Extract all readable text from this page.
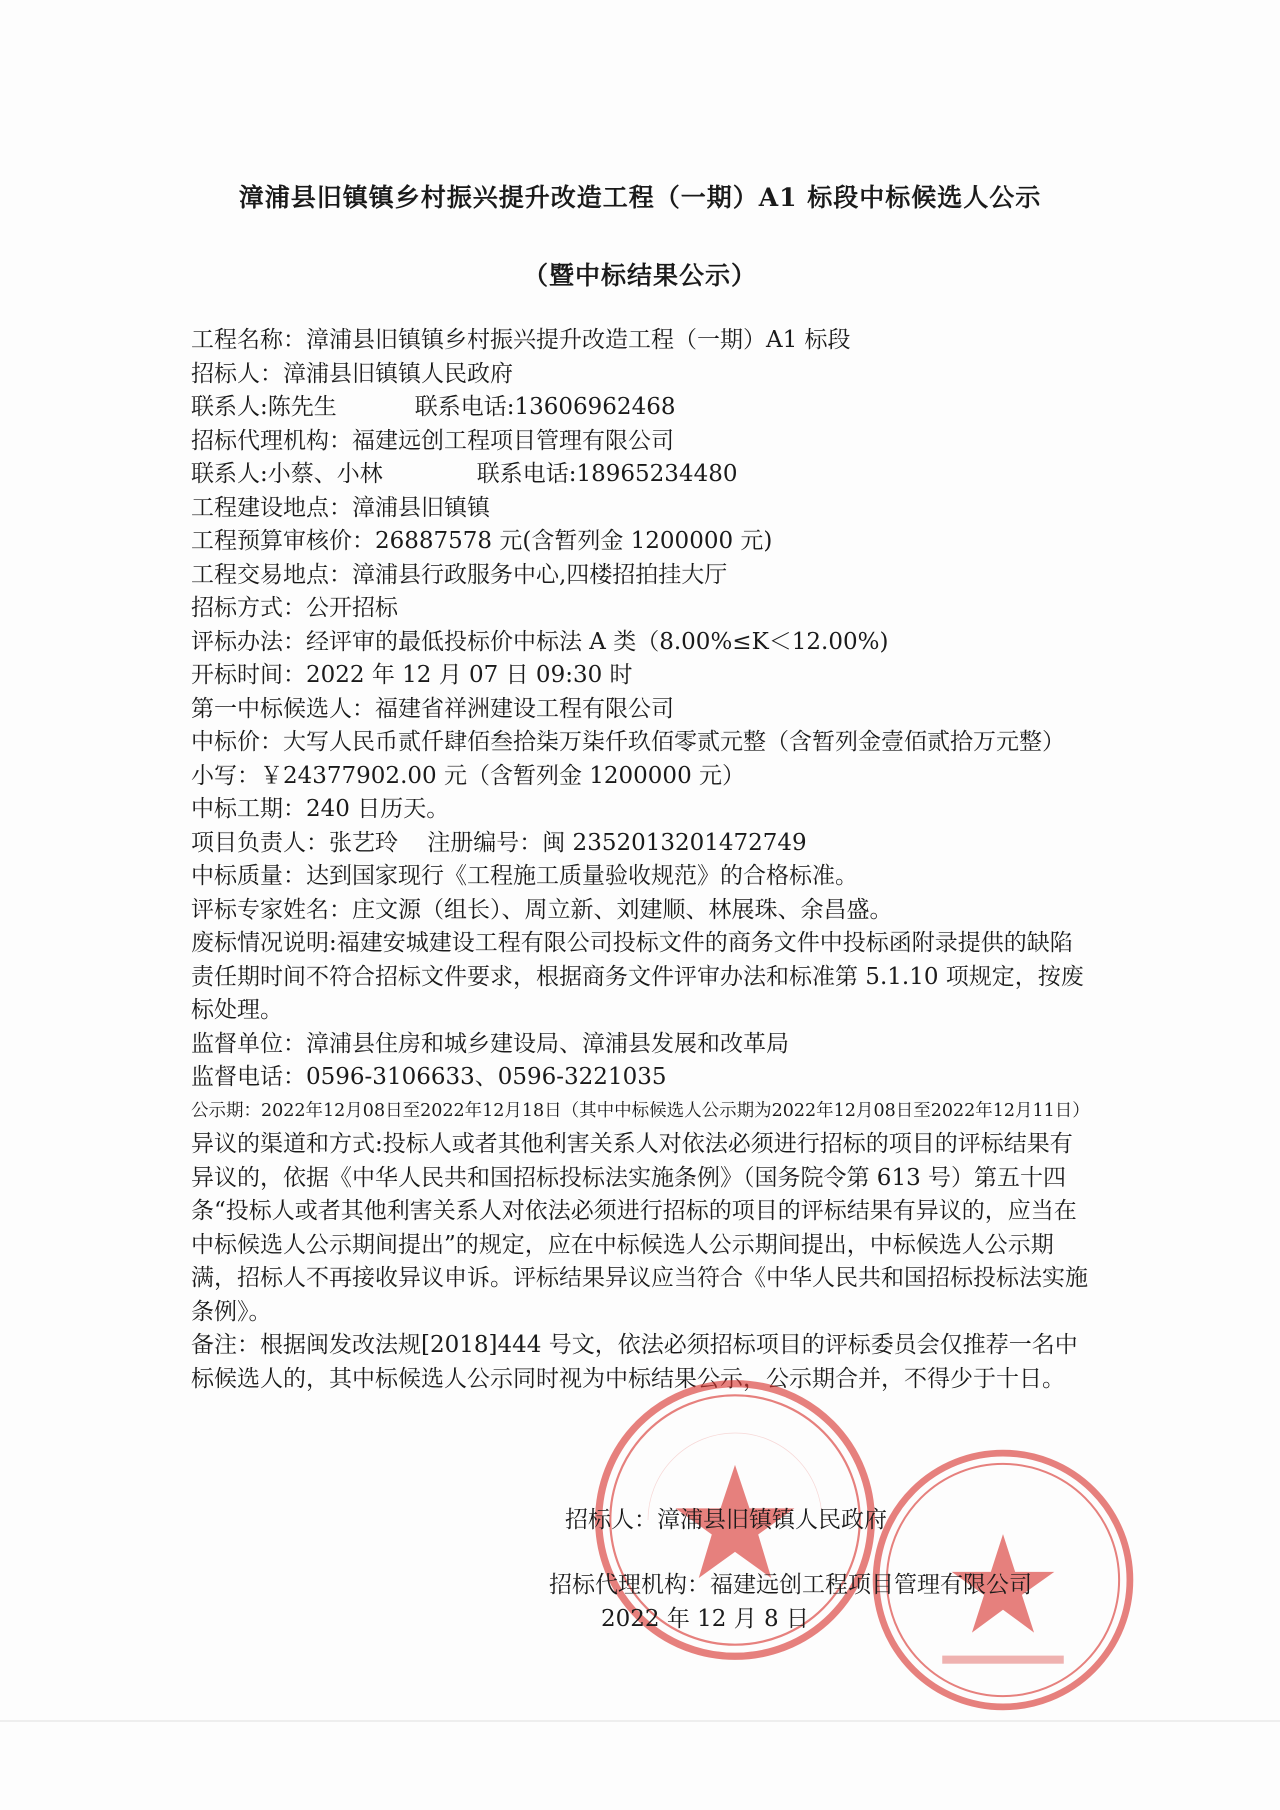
漳浦县旧镇镇乡村振兴提升改造工程（一期）A1 标段中标候选人公示
（暨中标结果公示）
工程名称：漳浦县旧镇镇乡村振兴提升改造工程（一期）A1 标段
招标人：漳浦县旧镇镇人民政府
联系人:陈先生	联系电话:13606962468
招标代理机构：福建远创工程项目管理有限公司
联系人:小蔡、小林	联系电话:18965234480
工程建设地点：漳浦县旧镇镇
工程预算审核价：26887578 元(含暂列金 1200000 元)
工程交易地点：漳浦县行政服务中心,四楼招拍挂大厅
招标方式：公开招标
评标办法：经评审的最低投标价中标法 A 类（8.00%≤K＜12.00%)
开标时间：2022 年 12 月 07 日 09:30 时
第一中标候选人：福建省祥洲建设工程有限公司
中标价：大写人民币贰仟肆佰叁拾柒万柒仟玖佰零贰元整（含暂列金壹佰贰拾万元整）
小写：￥24377902.00 元（含暂列金 1200000 元）
中标工期：240 日历天。
项目负责人：张艺玲 注册编号：闽 2352013201472749
中标质量：达到国家现行《工程施工质量验收规范》的合格标准。
评标专家姓名：庄文源（组长）、周立新、刘建顺、林展珠、余昌盛。
废标情况说明:福建安城建设工程有限公司投标文件的商务文件中投标函附录提供的缺陷责任期时间不符合招标文件要求，根据商务文件评审办法和标准第 5.1.10 项规定，按废标处理。
监督单位：漳浦县住房和城乡建设局、漳浦县发展和改革局
监督电话：0596-3106633、0596-3221035
公示期：2022年12月08日至2022年12月18日（其中中标候选人公示期为2022年12月08日至2022年12月11日）
异议的渠道和方式:投标人或者其他利害关系人对依法必须进行招标的项目的评标结果有异议的，依据《中华人民共和国招标投标法实施条例》（国务院令第 613 号）第五十四条“投标人或者其他利害关系人对依法必须进行招标的项目的评标结果有异议的，应当在中标候选人公示期间提出”的规定，应在中标候选人公示期间提出，中标候选人公示期满，招标人不再接收异议申诉。评标结果异议应当符合《中华人民共和国招标投标法实施条例》。
备注：根据闽发改法规[2018]444 号文，依法必须招标项目的评标委员会仅推荐一名中标候选人的，其中标候选人公示同时视为中标结果公示，公示期合并，不得少于十日。
招标人：漳浦县旧镇镇人民政府
招标代理机构：福建远创工程项目管理有限公司
2022 年 12 月 8 日
